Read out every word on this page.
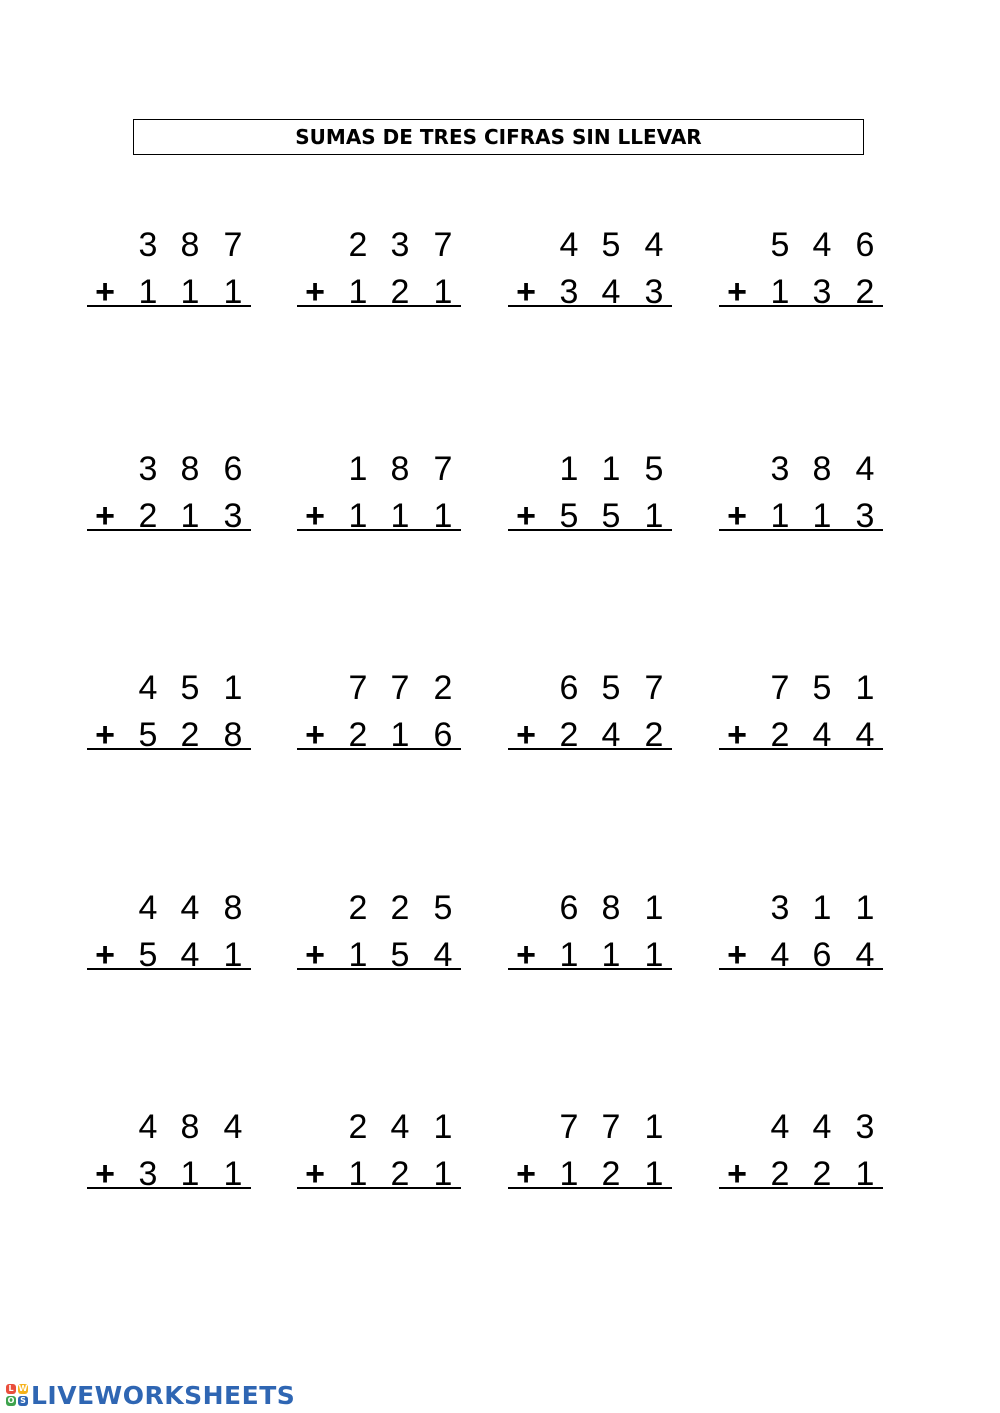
SUMAS DE TRES CIFRAS SIN LLEVAR
3 8 7
+ 1 1 1
2 3 7
+ 1 2 1
4 5 4
+ 3 4 3
5 4 6
+ 1 3 2
3 8 6
+ 2 1 3
1 8 7
+ 1 1 1
1 1 5
+ 5 5 1
3 8 4
+ 1 1 3
4 5 1
+ 5 2 8
7 7 2
+ 2 1 6
6 5 7
+ 2 4 2
7 5 1
+ 2 4 4
4 4 8
+ 5 4 1
2 2 5
+ 1 5 4
6 8 1
+ 1 1 1
3 1 1
+ 4 6 4
4 8 4
+ 3 1 1
2 4 1
+ 1 2 1
7 7 1
+ 1 2 1
4 4 3
+ 2 2 1
L W
O S LIVEWORKSHEETS
